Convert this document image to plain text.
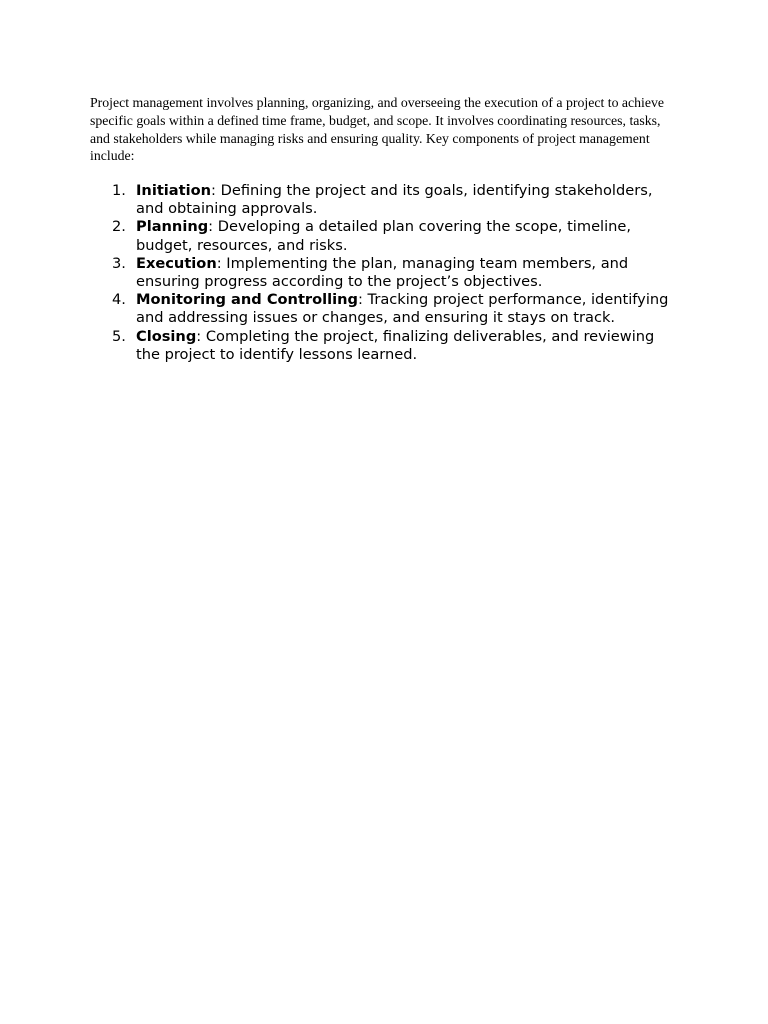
Project management involves planning, organizing, and overseeing the execution of a project to achieve specific goals within a defined time frame, budget, and scope. It involves coordinating resources, tasks, and stakeholders while managing risks and ensuring quality. Key components of project management include:

1. Initiation: Defining the project and its goals, identifying stakeholders, and obtaining approvals.
2. Planning: Developing a detailed plan covering the scope, timeline, budget, resources, and risks.
3. Execution: Implementing the plan, managing team members, and ensuring progress according to the project’s objectives.
4. Monitoring and Controlling: Tracking project performance, identifying and addressing issues or changes, and ensuring it stays on track.
5. Closing: Completing the project, finalizing deliverables, and reviewing the project to identify lessons learned.
